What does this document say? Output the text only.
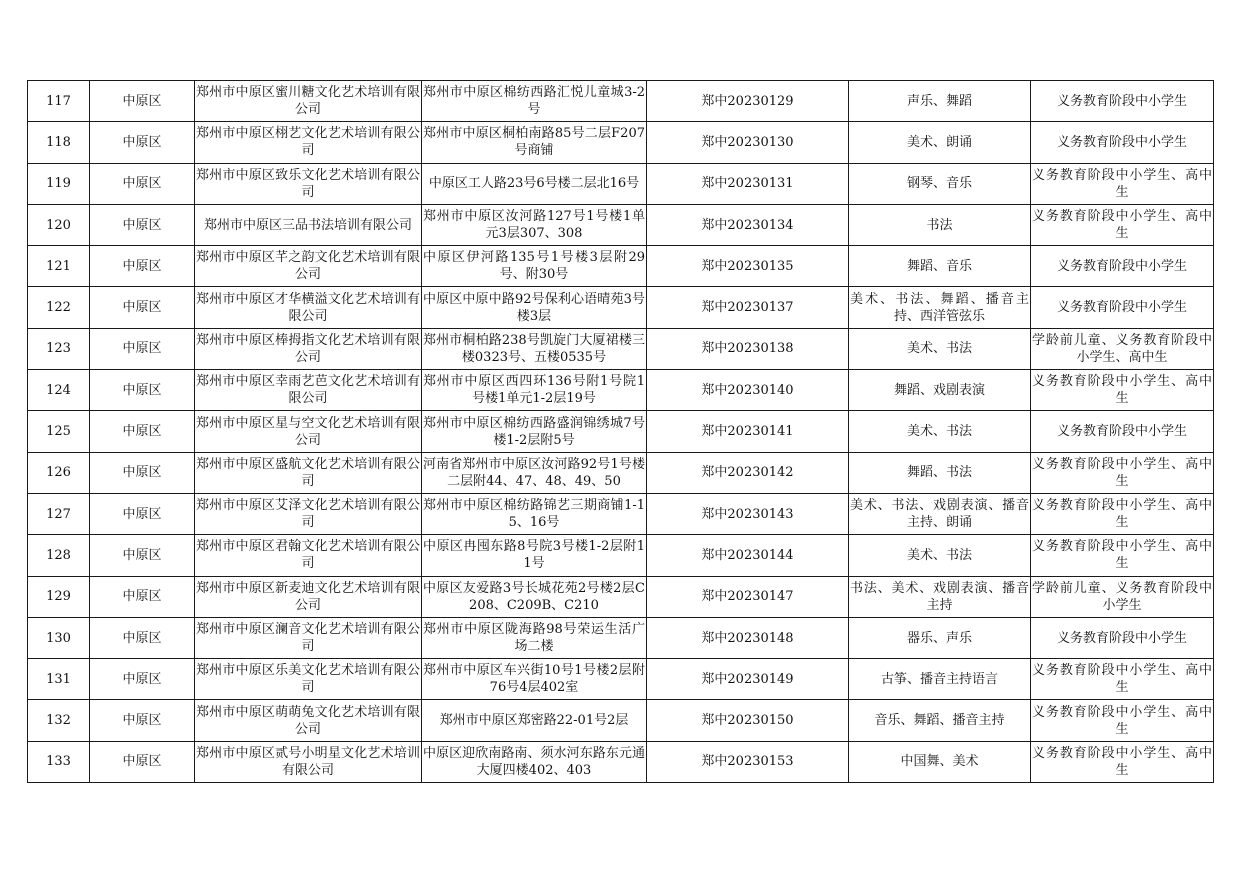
117	中原区	郑州市中原区蜜川糖文化艺术培训有限公司	郑州市中原区棉纺西路汇悦儿童城3-2号	郑中20230129	声乐、舞蹈	义务教育阶段中小学生
118	中原区	郑州市中原区栩艺文化艺术培训有限公司	郑州市中原区桐柏南路85号二层F207号商铺	郑中20230130	美术、朗诵	义务教育阶段中小学生
119	中原区	郑州市中原区致乐文化艺术培训有限公司	中原区工人路23号6号楼二层北16号	郑中20230131	钢琴、音乐	义务教育阶段中小学生、高中生
120	中原区	郑州市中原区三品书法培训有限公司	郑州市中原区汝河路127号1号楼1单元3层307、308	郑中20230134	书法	义务教育阶段中小学生、高中生
121	中原区	郑州市中原区芊之韵文化艺术培训有限公司	中原区伊河路135号1号楼3层附29号、附30号	郑中20230135	舞蹈、音乐	义务教育阶段中小学生
122	中原区	郑州市中原区才华横溢文化艺术培训有限公司	中原区中原中路92号保利心语晴苑3号楼3层	郑中20230137	美术、书法、舞蹈、播音主持、西洋管弦乐	义务教育阶段中小学生
123	中原区	郑州市中原区棒拇指文化艺术培训有限公司	郑州市桐柏路238号凯旋门大厦裙楼三楼0323号、五楼0535号	郑中20230138	美术、书法	学龄前儿童、义务教育阶段中小学生、高中生
124	中原区	郑州市中原区幸雨艺芭文化艺术培训有限公司	郑州市中原区西四环136号附1号院1号楼1单元1-2层19号	郑中20230140	舞蹈、戏剧表演	义务教育阶段中小学生、高中生
125	中原区	郑州市中原区星与空文化艺术培训有限公司	郑州市中原区棉纺西路盛润锦绣城7号楼1-2层附5号	郑中20230141	美术、书法	义务教育阶段中小学生
126	中原区	郑州市中原区盛航文化艺术培训有限公司	河南省郑州市中原区汝河路92号1号楼二层附44、47、48、49、50	郑中20230142	舞蹈、书法	义务教育阶段中小学生、高中生
127	中原区	郑州市中原区艾泽文化艺术培训有限公司	郑州市中原区棉纺路锦艺三期商铺1-15、16号	郑中20230143	美术、书法、戏剧表演、播音主持、朗诵	义务教育阶段中小学生、高中生
128	中原区	郑州市中原区君翰文化艺术培训有限公司	中原区冉囤东路8号院3号楼1-2层附11号	郑中20230144	美术、书法	义务教育阶段中小学生、高中生
129	中原区	郑州市中原区新麦迪文化艺术培训有限公司	中原区友爱路3号长城花苑2号楼2层C208、C209B、C210	郑中20230147	书法、美术、戏剧表演、播音主持	学龄前儿童、义务教育阶段中小学生
130	中原区	郑州市中原区澜音文化艺术培训有限公司	郑州市中原区陇海路98号荣运生活广场二楼	郑中20230148	器乐、声乐	义务教育阶段中小学生
131	中原区	郑州市中原区乐美文化艺术培训有限公司	郑州市中原区车兴街10号1号楼2层附76号4层402室	郑中20230149	古筝、播音主持语言	义务教育阶段中小学生、高中生
132	中原区	郑州市中原区萌萌兔文化艺术培训有限公司	郑州市中原区郑密路22-01号2层	郑中20230150	音乐、舞蹈、播音主持	义务教育阶段中小学生、高中生
133	中原区	郑州市中原区贰号小明星文化艺术培训有限公司	中原区迎欣南路南、须水河东路东元通大厦四楼402、403	郑中20230153	中国舞、美术	义务教育阶段中小学生、高中生
